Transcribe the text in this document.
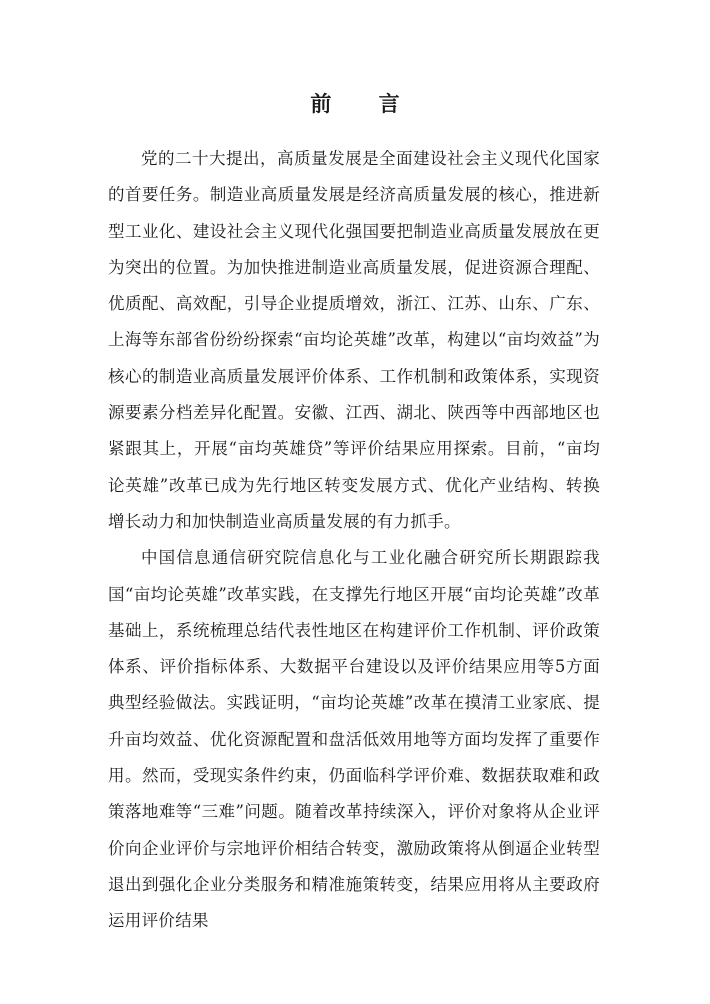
前 言

党的二十大提出，高质量发展是全面建设社会主义现代化国家的首要任务。制造业高质量发展是经济高质量发展的核心，推进新型工业化、建设社会主义现代化强国要把制造业高质量发展放在更为突出的位置。为加快推进制造业高质量发展，促进资源合理配、优质配、高效配，引导企业提质增效，浙江、江苏、山东、广东、上海等东部省份纷纷探索“亩均论英雄”改革，构建以“亩均效益”为核心的制造业高质量发展评价体系、工作机制和政策体系，实现资源要素分档差异化配置。安徽、江西、湖北、陕西等中西部地区也紧跟其上，开展“亩均英雄贷”等评价结果应用探索。目前，“亩均论英雄”改革已成为先行地区转变发展方式、优化产业结构、转换增长动力和加快制造业高质量发展的有力抓手。

中国信息通信研究院信息化与工业化融合研究所长期跟踪我国“亩均论英雄”改革实践，在支撑先行地区开展“亩均论英雄”改革基础上，系统梳理总结代表性地区在构建评价工作机制、评价政策体系、评价指标体系、大数据平台建设以及评价结果应用等5方面典型经验做法。实践证明，“亩均论英雄”改革在摸清工业家底、提升亩均效益、优化资源配置和盘活低效用地等方面均发挥了重要作用。然而，受现实条件约束，仍面临科学评价难、数据获取难和政策落地难等“三难”问题。随着改革持续深入，评价对象将从企业评价向企业评价与宗地评价相结合转变，激励政策将从倒逼企业转型退出到强化企业分类服务和精准施策转变，结果应用将从主要政府运用评价结果
